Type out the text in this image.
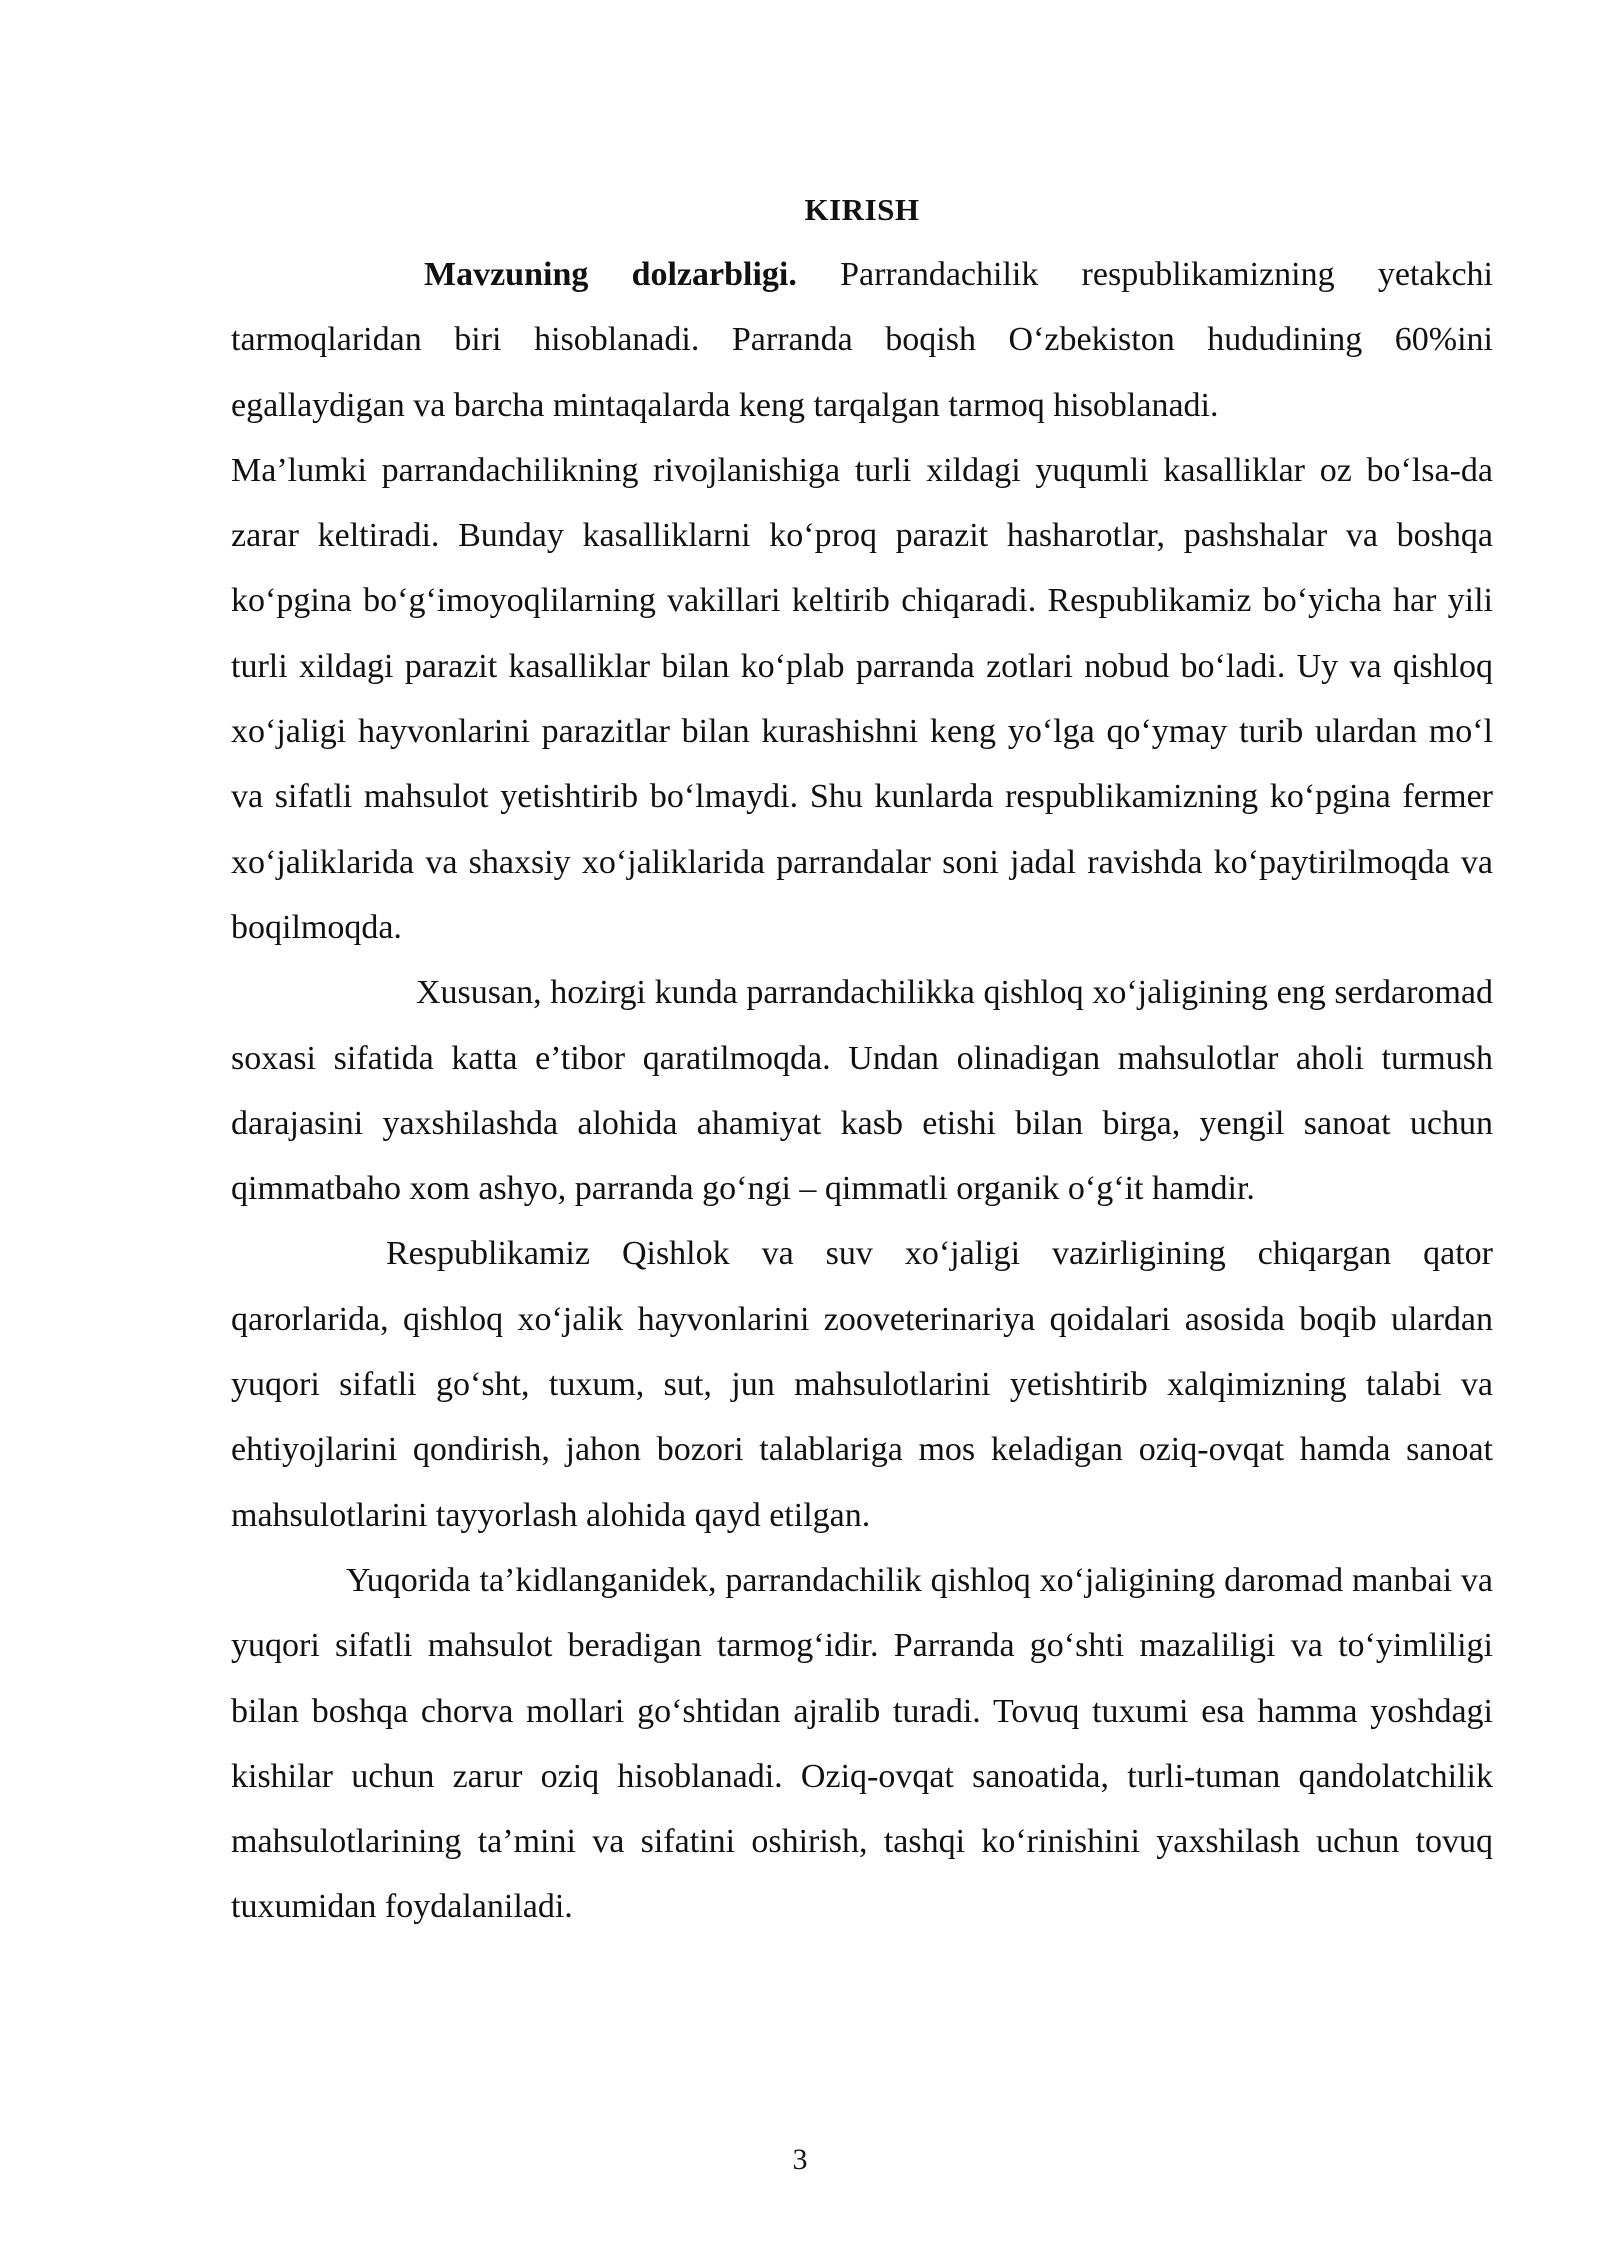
KIRISH

Mavzuning dolzarbligi. Parrandachilik respublikamizning yetakchi tarmoqlaridan biri hisoblanadi. Parranda boqish O‘zbekiston hududining 60%ini egallaydigan va barcha mintaqalarda keng tarqalgan tarmoq hisoblanadi.

Ma’lumki parrandachilikning rivojlanishiga turli xildagi yuqumli kasalliklar oz bo‘lsa-da zarar keltiradi. Bunday kasalliklarni ko‘proq parazit hasharotlar, pashshalar va boshqa ko‘pgina bo‘g‘imoyoqlilarning vakillari keltirib chiqaradi. Respublikamiz bo‘yicha har yili turli xildagi parazit kasalliklar bilan ko‘plab parranda zotlari nobud bo‘ladi. Uy va qishloq xo‘jaligi hayvonlarini parazitlar bilan kurashishni keng yo‘lga qo‘ymay turib ulardan mo‘l va sifatli mahsulot yetishtirib bo‘lmaydi. Shu kunlarda respublikamizning ko‘pgina fermer xo‘jaliklarida va shaxsiy xo‘jaliklarida parrandalar soni jadal ravishda ko‘paytirilmoqda va boqilmoqda.

Xususan, hozirgi kunda parrandachilikka qishloq xo‘jaligining eng serdaromad soxasi sifatida katta e’tibor qaratilmoqda. Undan olinadigan mahsulotlar aholi turmush darajasini yaxshilashda alohida ahamiyat kasb etishi bilan birga, yengil sanoat uchun qimmatbaho xom ashyo, parranda go‘ngi – qimmatli organik o‘g‘it hamdir.

Respublikamiz Qishlok va suv xo‘jaligi vazirligining chiqargan qator qarorlarida, qishloq xo‘jalik hayvonlarini zooveterinariya qoidalari asosida boqib ulardan yuqori sifatli go‘sht, tuxum, sut, jun mahsulotlarini yetishtirib xalqimizning talabi va ehtiyojlarini qondirish, jahon bozori talablariga mos keladigan oziq-ovqat hamda sanoat mahsulotlarini tayyorlash alohida qayd etilgan.

Yuqorida ta’kidlanganidek, parrandachilik qishloq xo‘jaligining daromad manbai va yuqori sifatli mahsulot beradigan tarmog‘idir. Parranda go‘shti mazaliligi va to‘yimliligi bilan boshqa chorva mollari go‘shtidan ajralib turadi. Tovuq tuxumi esa hamma yoshdagi kishilar uchun zarur oziq hisoblanadi. Oziq-ovqat sanoatida, turli-tuman qandolatchilik mahsulotlarining ta’mini va sifatini oshirish, tashqi ko‘rinishini yaxshilash uchun tovuq tuxumidan foydalaniladi.

3
